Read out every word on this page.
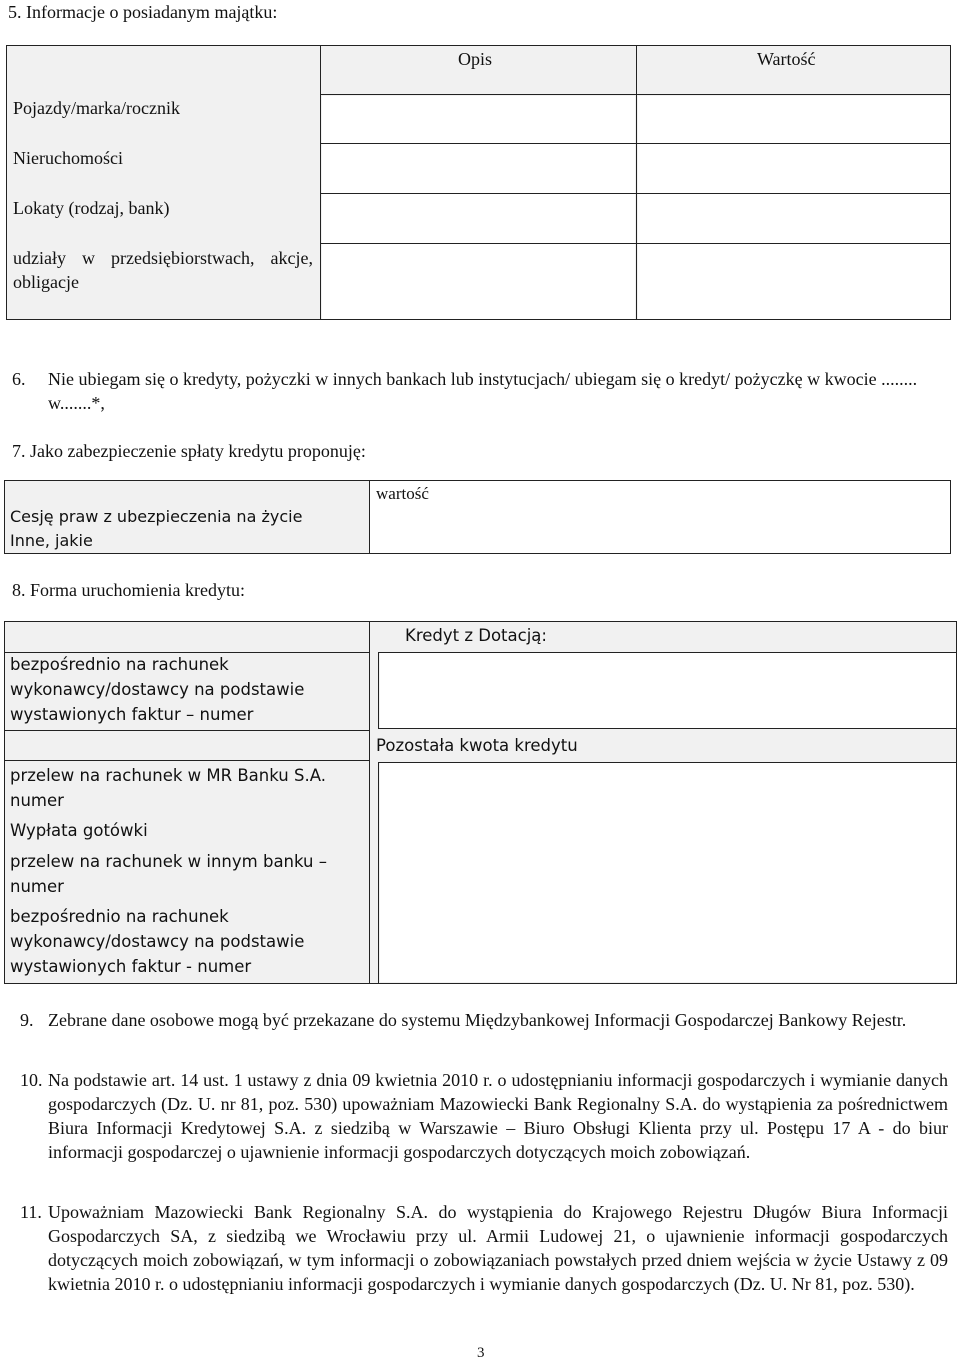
5. Informacje o posiadanym majątku:
Opis	Wartość
Pojazdy/marka/rocznik
Nieruchomości
Lokaty (rodzaj, bank)
udziały w przedsiębiorstwach, akcje, obligacje
6. Nie ubiegam się o kredyty, pożyczki w innych bankach lub instytucjach/ ubiegam się o kredyt/ pożyczkę w kwocie ........ w.......*,
7. Jako zabezpieczenie spłaty kredytu proponuję:
wartość
Cesję praw z ubezpieczenia na życie
Inne, jakie
8. Forma uruchomienia kredytu:
Kredyt z Dotacją:
Pozostała kwota kredytu
bezpośrednio na rachunek wykonawcy/dostawcy na podstawie wystawionych faktur – numer
przelew na rachunek w MR Banku S.A. numer
Wypłata gotówki
przelew na rachunek w innym banku – numer
bezpośrednio na rachunek wykonawcy/dostawcy na podstawie wystawionych faktur - numer
9. Zebrane dane osobowe mogą być przekazane do systemu Międzybankowej Informacji Gospodarczej Bankowy Rejestr.
10. Na podstawie art. 14 ust. 1 ustawy z dnia 09 kwietnia 2010 r. o udostępnianiu informacji gospodarczych i wymianie danych gospodarczych (Dz. U. nr 81, poz. 530) upoważniam Mazowiecki Bank Regionalny S.A. do wystąpienia za pośrednictwem Biura Informacji Kredytowej S.A. z siedzibą w Warszawie – Biuro Obsługi Klienta przy ul. Postępu 17 A - do biur informacji gospodarczej o ujawnienie informacji gospodarczych dotyczących moich zobowiązań.
11. Upoważniam Mazowiecki Bank Regionalny S.A. do wystąpienia do Krajowego Rejestru Długów Biura Informacji Gospodarczych SA, z siedzibą we Wrocławiu przy ul. Armii Ludowej 21, o ujawnienie informacji gospodarczych dotyczących moich zobowiązań, w tym informacji o zobowiązaniach powstałych przed dniem wejścia w życie Ustawy z 09 kwietnia 2010 r. o udostępnianiu informacji gospodarczych i wymianie danych gospodarczych (Dz. U. Nr 81, poz. 530).
3
